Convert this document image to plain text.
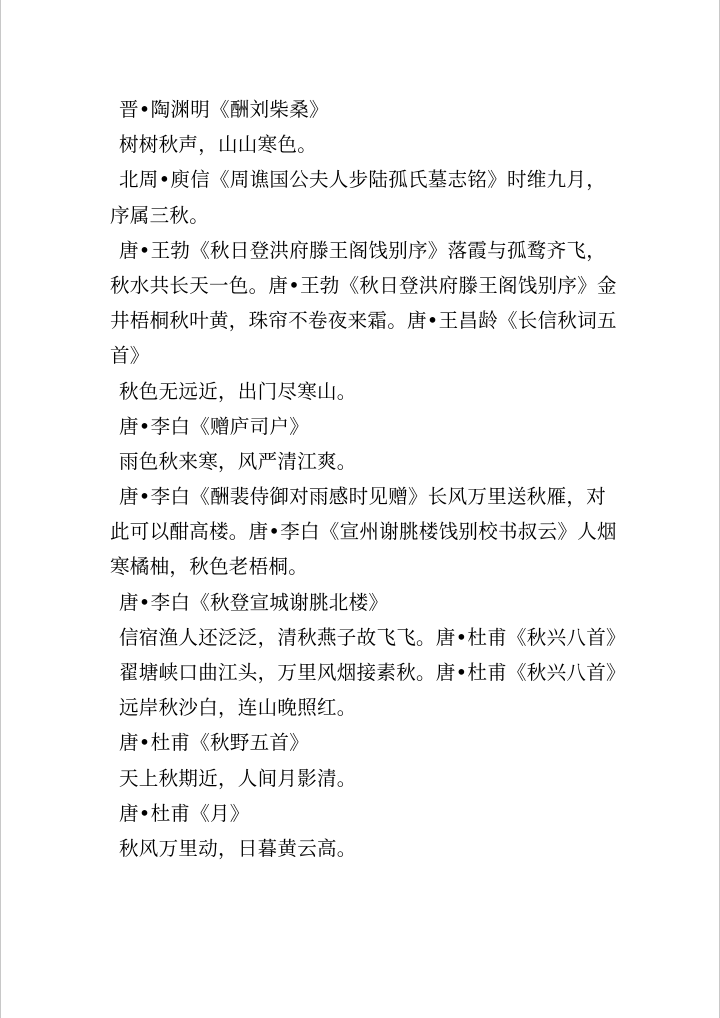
晋•陶渊明《酬刘柴桑》
树树秋声，山山寒色。
北周•庾信《周谯国公夫人步陆孤氏墓志铭》时维九月，
序属三秋。
唐•王勃《秋日登洪府滕王阁饯别序》落霞与孤鹜齐飞，
秋水共长天一色。唐•王勃《秋日登洪府滕王阁饯别序》金
井梧桐秋叶黄，珠帘不卷夜来霜。唐•王昌龄《长信秋词五
首》
秋色无远近，出门尽寒山。
唐•李白《赠庐司户》
雨色秋来寒，风严清江爽。
唐•李白《酬裴侍御对雨感时见赠》长风万里送秋雁，对
此可以酣高楼。唐•李白《宣州谢朓楼饯别校书叔云》人烟
寒橘柚，秋色老梧桐。
唐•李白《秋登宣城谢朓北楼》
信宿渔人还泛泛，清秋燕子故飞飞。唐•杜甫《秋兴八首》
翟塘峡口曲江头，万里风烟接素秋。唐•杜甫《秋兴八首》
远岸秋沙白，连山晚照红。
唐•杜甫《秋野五首》
天上秋期近，人间月影清。
唐•杜甫《月》
秋风万里动，日暮黄云高。
